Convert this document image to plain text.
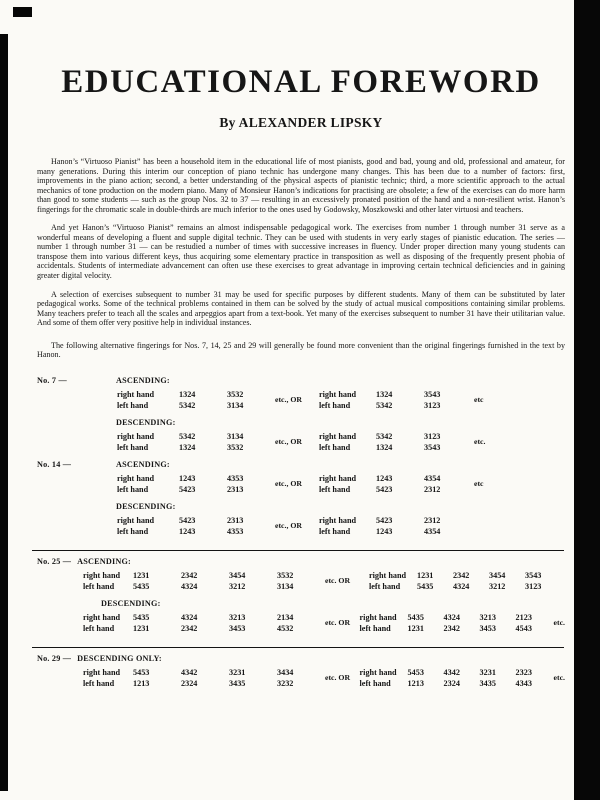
EDUCATIONAL FOREWORD
By ALEXANDER LIPSKY

Hanon’s “Virtuoso Pianist” has been a household item in the educational life of most pianists, good and bad, young and old, professional and amateur, for many generations. During this interim our conception of piano technic has undergone many changes. This has been due to a number of factors: first, improvements in the piano action; second, a better understanding of the physical aspects of pianistic technic; third, a more scientific approach to the actual mechanics of tone production on the modern piano. Many of Monsieur Hanon’s indications for practising are obsolete; a few of the exercises can do more harm than good to some students — such as the group Nos. 32 to 37 — resulting in an excessively pronated position of the hand and a non-resilient wrist. Hanon’s fingerings for the chromatic scale in double-thirds are much inferior to the ones used by Godowsky, Moszkowski and other later virtuosi and teachers.

And yet Hanon’s “Virtuoso Pianist” remains an almost indispensable pedagogical work. The exercises from number 1 through number 31 serve as a wonderful means of developing a fluent and supple digital technic. They can be used with students in very early stages of pianistic education. The series — number 1 through number 31 — can be restudied a number of times with successive increases in fluency. Under proper direction many young students can transpose them into various different keys, thus acquiring some elementary practice in transposition as well as disposing of the frequently present phobia of accidentals. Students of intermediate advancement can often use these exercises to great advantage in improving certain technical deficiencies and in gaining greater digital velocity.

A selection of exercises subsequent to number 31 may be used for specific purposes by different students. Many of them can be substituted by later pedagogical works. Some of the technical problems contained in them can be solved by the study of actual musical compositions containing similar problems. Many teachers prefer to teach all the scales and arpeggios apart from a text-book. Yet many of the exercises subsequent to number 31 have their utilitarian value. And some of them offer very positive help in individual instances.

The following alternative fingerings for Nos. 7, 14, 25 and 29 will generally be found more convenient than the original fingerings furnished in the text by Hanon.

No. 7 —	ASCENDING:
right hand	1324	3532
left hand	5342	3134
etc., OR
right hand	1324	3543
left hand	5342	3123
etc
DESCENDING:
right hand	5342	3134
left hand	1324	3532
etc., OR
right hand	5342	3123
left hand	1324	3543
etc.
No. 14 —	ASCENDING:
right hand	1243	4353
left hand	5423	2313
etc., OR
right hand	1243	4354
left hand	5423	2312
etc
DESCENDING:
right hand	5423	2313
left hand	1243	4353
etc., OR
right hand	5423	2312
left hand	1243	4354
No. 25 — ASCENDING:
right hand	1231	2342	3454	3532
left hand	5435	4324	3212	3134
etc. OR
right hand	1231	2342	3454	3543
left hand	5435	4324	3212	3123
DESCENDING:
right hand	5435	4324	3213	2134
left hand	1231	2342	3453	4532
etc. OR
right hand	5435	4324	3213	2123
left hand	1231	2342	3453	4543
etc.
No. 29 — DESCENDING ONLY:
right hand	5453	4342	3231	3434
left hand	1213	2324	3435	3232
etc. OR
right hand	5453	4342	3231	2323
left hand	1213	2324	3435	4343
etc.
